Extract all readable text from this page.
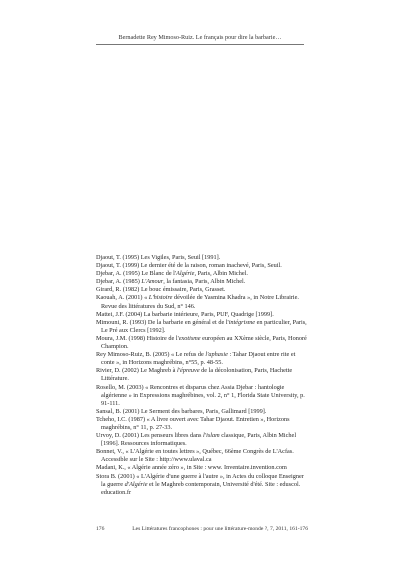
Bernadette Rey Mimoso-Ruiz. Le français pour dire la barbarie…

Djaout, T. (1995) Les Vigiles, Paris, Seuil [1991].

Djaout, T. (1999) Le dernier été de la raison, roman inachevé, Paris, Seuil.

Djebar, A. (1995) Le Blanc de l'Algérie, Paris, Albin Michel.

Djebar, A. (1985) L'Amour, la fantasia, Paris, Albin Michel.

Girard, R. (1982) Le bouc émissaire, Paris, Grasset.

Kaouah, A. (2001) « L'histoire dévoilée de Yasmina Khadra », in Notre Librairie. Revue des littératures du Sud, n° 146.

Mattei, J.F. (2004) La barbarie intérieure, Paris, PUF, Quadrige [1999].

Mimouni, R. (1993) De la barbarie en général et de l'intégrisme en particulier, Paris, Le Pré aux Clercs [1992].

Moura, J.M. (1998) Histoire de l'exotisme européen au XXème siècle, Paris, Honoré Champion.

Rey Mimoso-Ruiz, B. (2005) « Le refus de l'aphasie : Tahar Djaout entre rite et conte », in Horizons maghrébins, n°55, p. 48-55.

Rivier, D. (2002) Le Maghreb à l'épreuve de la décolonisation, Paris, Hachette Littérature.

Rosello, M. (2003) « Rencontres et disparus chez Assia Djebar : hantologie algérienne » in Expressions maghrébines, vol. 2, n° 1, Florida State University, p. 91-111.

Sansal, B. (2001) Le Serment des barbares, Paris, Gallimard [1999].

Tcheho, I.C. (1987) « A livre ouvert avec Tahar Djaout. Entretien », Horizons maghrébins, n° 11, p. 27-33.

Urvoy, D. (2001) Les penseurs libres dans l'islam classique, Paris, Albin Michel [1996]. Ressources informatiques.

Bonnet, V., « L'Algérie en toutes lettres », Québec, 66ème Congrès de L'Acfas. Accessible sur le Site : http://www.ulaval.ca

Madani, K., « Algérie année zéro », in Site : www. Inventaire.invention.com

Stora B. (2001) « L'Algérie d'une guerre à l'autre », in Actes du colloque Enseigner la guerre d'Algérie et le Maghreb contemporain, Université d'été. Site : eduscol. education.fr

176	Les Littératures francophones : pour une littérature-monde ?, 7, 2011, 161-176
